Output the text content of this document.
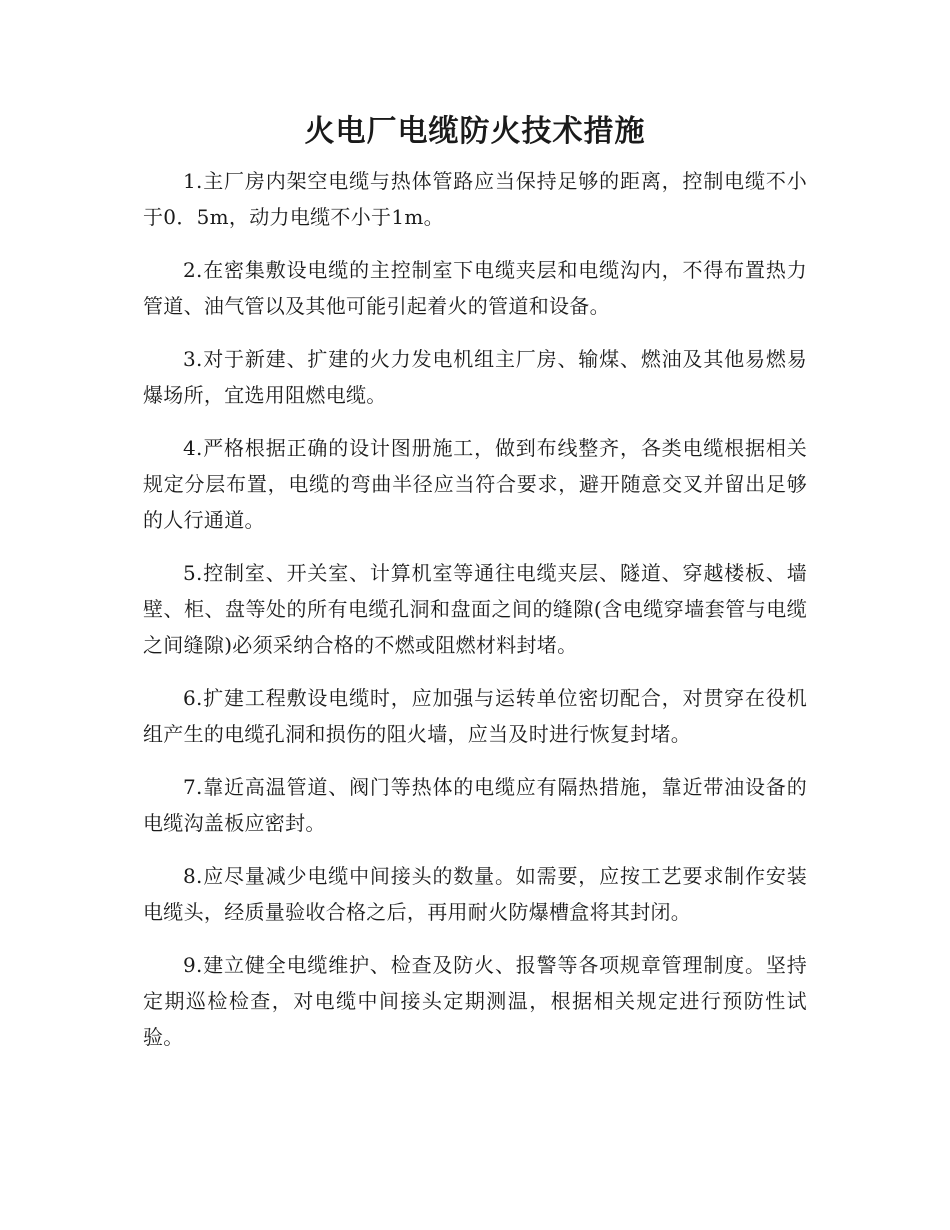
火电厂电缆防火技术措施

1.主厂房内架空电缆与热体管路应当保持足够的距离，控制电缆不小于0．5m，动力电缆不小于1m。

2.在密集敷设电缆的主控制室下电缆夹层和电缆沟内，不得布置热力管道、油气管以及其他可能引起着火的管道和设备。

3.对于新建、扩建的火力发电机组主厂房、输煤、燃油及其他易燃易爆场所，宜选用阻燃电缆。

4.严格根据正确的设计图册施工，做到布线整齐，各类电缆根据相关规定分层布置，电缆的弯曲半径应当符合要求，避开随意交叉并留出足够的人行通道。

5.控制室、开关室、计算机室等通往电缆夹层、隧道、穿越楼板、墙壁、柜、盘等处的所有电缆孔洞和盘面之间的缝隙(含电缆穿墙套管与电缆之间缝隙)必须采纳合格的不燃或阻燃材料封堵。

6.扩建工程敷设电缆时，应加强与运转单位密切配合，对贯穿在役机组产生的电缆孔洞和损伤的阻火墙，应当及时进行恢复封堵。

7.靠近高温管道、阀门等热体的电缆应有隔热措施，靠近带油设备的电缆沟盖板应密封。

8.应尽量减少电缆中间接头的数量。如需要，应按工艺要求制作安装电缆头，经质量验收合格之后，再用耐火防爆槽盒将其封闭。

9.建立健全电缆维护、检查及防火、报警等各项规章管理制度。坚持定期巡检检查，对电缆中间接头定期测温，根据相关规定进行预防性试验。
